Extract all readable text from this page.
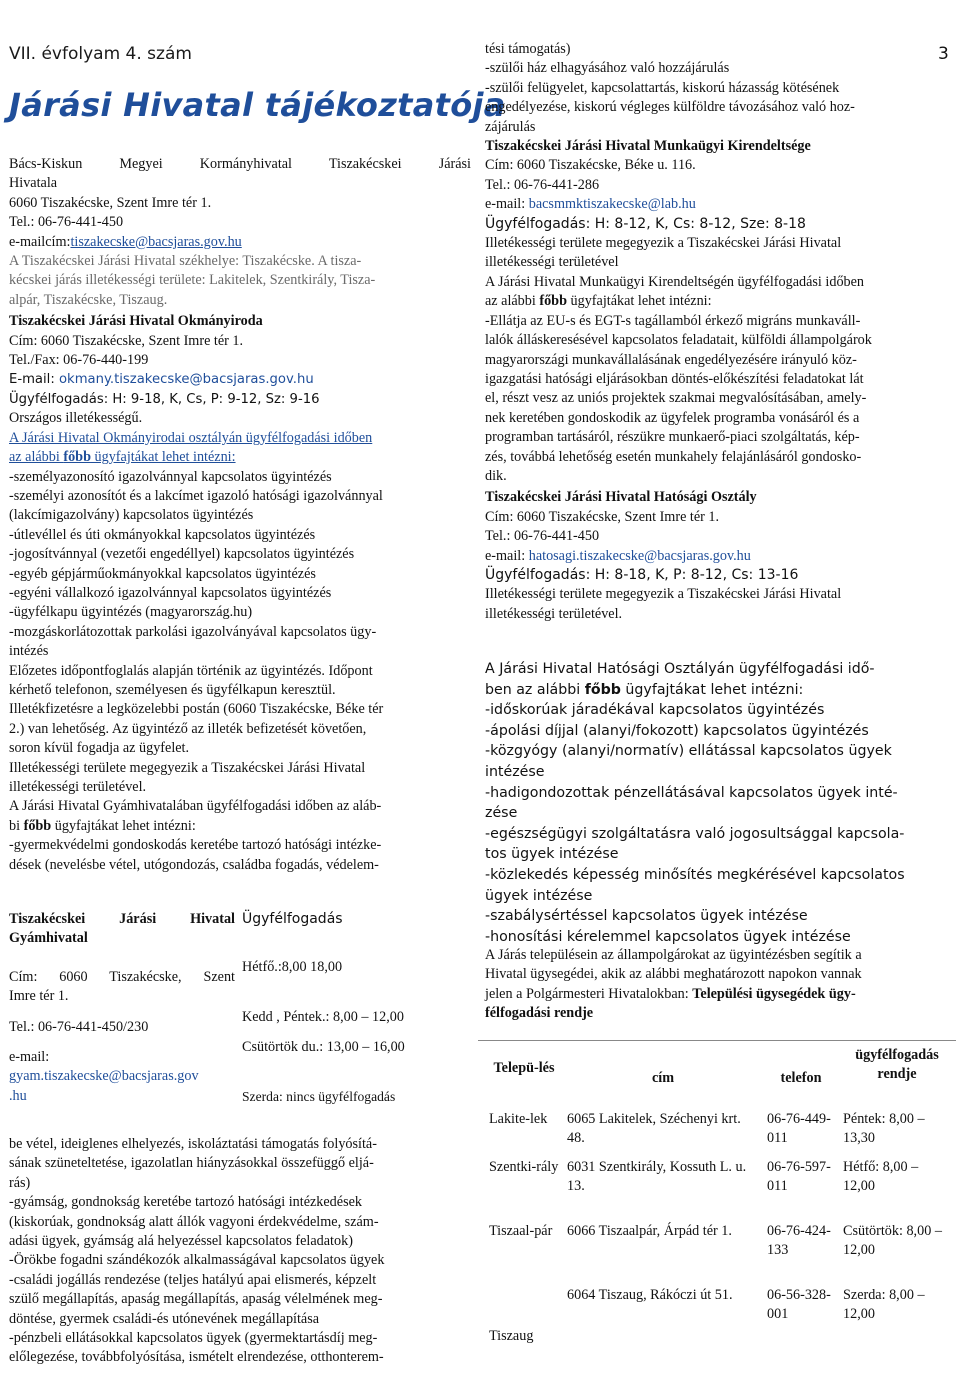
VII. évfolyam 4. szám	3
Járási Hivatal tájékoztatója

Bács-Kiskun Megyei Kormányhivatal Tiszakécskei Járási

Hivatala

6060 Tiszakécske, Szent Imre tér 1.

Tel.: 06-76-441-450

e-mailcím:tiszakecske@bacsjaras.gov.hu

A Tiszakécskei Járási Hivatal székhelye: Tiszakécske. A tisza-

kécskei járás illetékességi területe: Lakitelek, Szentkirály, Tisza-

alpár, Tiszakécske, Tiszaug.

Tiszakécskei Járási Hivatal Okmányiroda

Cím: 6060 Tiszakécske, Szent Imre tér 1.

Tel./Fax: 06-76-440-199

E-mail: okmany.tiszakecske@bacsjaras.gov.hu

Ügyfélfogadás: H: 9-18, K, Cs, P: 9-12, Sz: 9-16

Országos illetékességű.

A Járási Hivatal Okmányirodai osztályán ügyfélfogadási időben

az alábbi főbb ügyfajtákat lehet intézni:

-személyazonosító igazolvánnyal kapcsolatos ügyintézés

-személyi azonosítót és a lakcímet igazoló hatósági igazolvánnyal

(lakcímigazolvány) kapcsolatos ügyintézés

-útlevéllel és úti okmányokkal kapcsolatos ügyintézés

-jogosítvánnyal (vezetői engedéllyel) kapcsolatos ügyintézés

-egyéb gépjárműokmányokkal kapcsolatos ügyintézés

-egyéni vállalkozó igazolvánnyal kapcsolatos ügyintézés

-ügyfélkapu ügyintézés (magyarország.hu)

-mozgáskorlátozottak parkolási igazolványával kapcsolatos ügy-

intézés

Előzetes időpontfoglalás alapján történik az ügyintézés. Időpont

kérhető telefonon, személyesen és ügyfélkapun keresztül.

Illetékfizetésre a legközelebbi postán (6060 Tiszakécske, Béke tér

2.) van lehetőség. Az ügyintéző az illeték befizetését követően,

soron kívül fogadja az ügyfelet.

Illetékességi területe megegyezik a Tiszakécskei Járási Hivatal

illetékességi területével.

A Járási Hivatal Gyámhivatalában ügyfélfogadási időben az aláb-

bi főbb ügyfajtákat lehet intézni:

-gyermekvédelmi gondoskodás keretébe tartozó hatósági intézke-

dések (nevelésbe vétel, utógondozás, családba fogadás, védelem-

Tiszakécskei Járási Hivatal

Gyámhivatal

Cím: 6060 Tiszakécske, Szent

Imre tér 1.

Tel.: 06-76-441-450/230

e-mail:

gyam.tiszakecske@bacsjaras.gov

.hu

Ügyfélfogadás

Hétfő.:8,00 18,00

Kedd , Péntek.: 8,00 – 12,00

Csütörtök du.: 13,00 – 16,00

Szerda: nincs ügyfélfogadás

be vétel, ideiglenes elhelyezés, iskoláztatási támogatás folyósítá-

sának szüneteltetése, igazolatlan hiányzásokkal összefüggő eljá-

rás)

-gyámság, gondnokság keretébe tartozó hatósági intézkedések

(kiskorúak, gondnokság alatt állók vagyoni érdekvédelme, szám-

adási ügyek, gyámság alá helyezéssel kapcsolatos feladatok)

-Örökbe fogadni szándékozók alkalmasságával kapcsolatos ügyek

-családi jogállás rendezése (teljes hatályú apai elismerés, képzelt

szülő megállapítás, apaság megállapítás, apaság vélelmének meg-

döntése, gyermek családi-és utónevének megállapítása

-pénzbeli ellátásokkal kapcsolatos ügyek (gyermektartásdíj meg-

előlegezése, továbbfolyósítása, ismételt elrendezése, otthonterem-

tési támogatás)

-szülői ház elhagyásához való hozzájárulás

-szülői felügyelet, kapcsolattartás, kiskorú házasság kötésének

engedélyezése, kiskorú végleges külföldre távozásához való hoz-

zájárulás

Tiszakécskei Járási Hivatal Munkaügyi Kirendeltsége

Cím: 6060 Tiszakécske, Béke u. 116.

Tel.: 06-76-441-286

e-mail: bacsmmktiszakecske@lab.hu

Ügyfélfogadás: H: 8-12, K, Cs: 8-12, Sze: 8-18

Illetékességi területe megegyezik a Tiszakécskei Járási Hivatal

illetékességi területével

A Járási Hivatal Munkaügyi Kirendeltségén ügyfélfogadási időben

az alábbi főbb ügyfajtákat lehet intézni:

-Ellátja az EU-s és EGT-s tagállamból érkező migráns munkaváll-

lalók álláskeresésével kapcsolatos feladatait, külföldi állampolgárok

magyarországi munkavállalásának engedélyezésére irányuló köz-

igazgatási hatósági eljárásokban döntés-előkészítési feladatokat lát

el, részt vesz az uniós projektek szakmai megvalósításában, amely-

nek keretében gondoskodik az ügyfelek programba vonásáról és a

programban tartásáról, részükre munkaerő-piaci szolgáltatás, kép-

zés, továbbá lehetőség esetén munkahely felajánlásáról gondosko-

dik.

Tiszakécskei Járási Hivatal Hatósági Osztály

Cím: 6060 Tiszakécske, Szent Imre tér 1.

Tel.: 06-76-441-450

e-mail: hatosagi.tiszakecske@bacsjaras.gov.hu

Ügyfélfogadás: H: 8-18, K, P: 8-12, Cs: 13-16

Illetékességi területe megegyezik a Tiszakécskei Járási Hivatal

illetékességi területével.

A Járási Hivatal Hatósági Osztályán ügyfélfogadási idő-

ben az alábbi főbb ügyfajtákat lehet intézni:

-időskorúak járadékával kapcsolatos ügyintézés

-ápolási díjjal (alanyi/fokozott) kapcsolatos ügyintézés

-közgyógy (alanyi/normatív) ellátással kapcsolatos ügyek

intézése

-hadigondozottak pénzellátásával kapcsolatos ügyek inté-

zése

-egészségügyi szolgáltatásra való jogosultsággal kapcsola-

tos ügyek intézése

-közlekedés képesség minősítés megkérésével kapcsolatos

ügyek intézése

-szabálysértéssel kapcsolatos ügyek intézése

-honosítási kérelemmel kapcsolatos ügyek intézése

A Járás településein az állampolgárokat az ügyintézésben segítik a

Hivatal ügysegédei, akik az alábbi meghatározott napokon vannak

jelen a Polgármesteri Hivatalokban: Települési ügysegédek ügy-

félfogadási rendje

Telepü-lés	cím	telefon	ügyfélfogadás rendje
Lakite-lek	6065 Lakitelek, Széchenyi krt. 48.	06-76-449-011	Péntek: 8,00 – 13,30
Szentki-rály	6031 Szentkirály, Kossuth L. u. 13.	06-76-597-011	Hétfő: 8,00 – 12,00
Tiszaal-pár	6066 Tiszaalpár, Árpád tér 1.	06-76-424-133	Csütörtök: 8,00 – 12,00
Tiszaug	6064 Tiszaug, Rákóczi út 51.	06-56-328-001	Szerda: 8,00 – 12,00
